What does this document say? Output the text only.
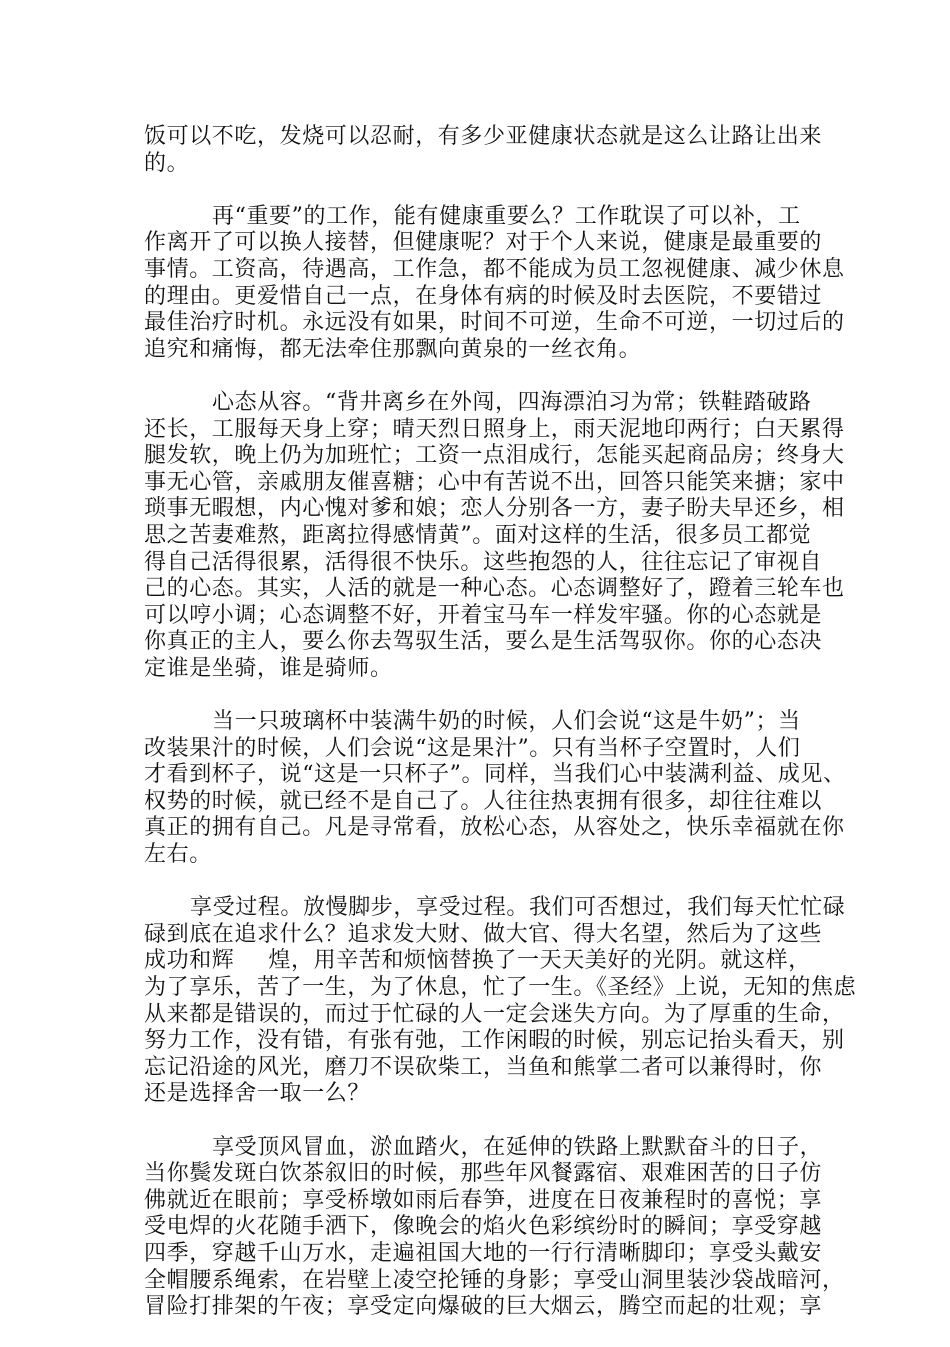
饭可以不吃，发烧可以忍耐，有多少亚健康状态就是这么让路让出来
的。
再“重要”的工作，能有健康重要么？工作耽误了可以补，工
作离开了可以换人接替，但健康呢？对于个人来说，健康是最重要的
事情。工资高，待遇高，工作急，都不能成为员工忽视健康、减少休息
的理由。更爱惜自己一点，在身体有病的时候及时去医院，不要错过
最佳治疗时机。永远没有如果，时间不可逆，生命不可逆，一切过后的
追究和痛悔，都无法牵住那飘向黄泉的一丝衣角。
心态从容。“背井离乡在外闯，四海漂泊习为常；铁鞋踏破路
还长，工服每天身上穿；晴天烈日照身上，雨天泥地印两行；白天累得
腿发软，晚上仍为加班忙；工资一点泪成行，怎能买起商品房；终身大
事无心管，亲戚朋友催喜糖；心中有苦说不出，回答只能笑来搪；家中
琐事无暇想，内心愧对爹和娘；恋人分别各一方，妻子盼夫早还乡，相
思之苦妻难熬，距离拉得感情黄”。面对这样的生活，很多员工都觉
得自己活得很累，活得很不快乐。这些抱怨的人，往往忘记了审视自
己的心态。其实，人活的就是一种心态。心态调整好了，蹬着三轮车也
可以哼小调；心态调整不好，开着宝马车一样发牢骚。你的心态就是
你真正的主人，要么你去驾驭生活，要么是生活驾驭你。你的心态决
定谁是坐骑，谁是骑师。
当一只玻璃杯中装满牛奶的时候，人们会说“这是牛奶”；当
改装果汁的时候，人们会说“这是果汁”。只有当杯子空置时，人们
才看到杯子，说“这是一只杯子”。同样，当我们心中装满利益、成见、
权势的时候，就已经不是自己了。人往往热衷拥有很多，却往往难以
真正的拥有自己。凡是寻常看，放松心态，从容处之，快乐幸福就在你
左右。
享受过程。放慢脚步，享受过程。我们可否想过，我们每天忙忙碌
碌到底在追求什么？追求发大财、做大官、得大名望，然后为了这些
成功和辉 煌，用辛苦和烦恼替换了一天天美好的光阴。就这样，
为了享乐，苦了一生，为了休息，忙了一生。《圣经》上说，无知的焦虑
从来都是错误的，而过于忙碌的人一定会迷失方向。为了厚重的生命，
努力工作，没有错，有张有弛，工作闲暇的时候，别忘记抬头看天，别
忘记沿途的风光，磨刀不误砍柴工，当鱼和熊掌二者可以兼得时，你
还是选择舍一取一么？
享受顶风冒血，淤血踏火，在延伸的铁路上默默奋斗的日子，
当你鬓发斑白饮茶叙旧的时候，那些年风餐露宿、艰难困苦的日子仿
佛就近在眼前；享受桥墩如雨后春笋，进度在日夜兼程时的喜悦；享
受电焊的火花随手洒下，像晚会的焰火色彩缤纷时的瞬间；享受穿越
四季，穿越千山万水，走遍祖国大地的一行行清晰脚印；享受头戴安
全帽腰系绳索，在岩壁上凌空抡锤的身影；享受山洞里装沙袋战暗河，
冒险打排架的午夜；享受定向爆破的巨大烟云，腾空而起的壮观；享
